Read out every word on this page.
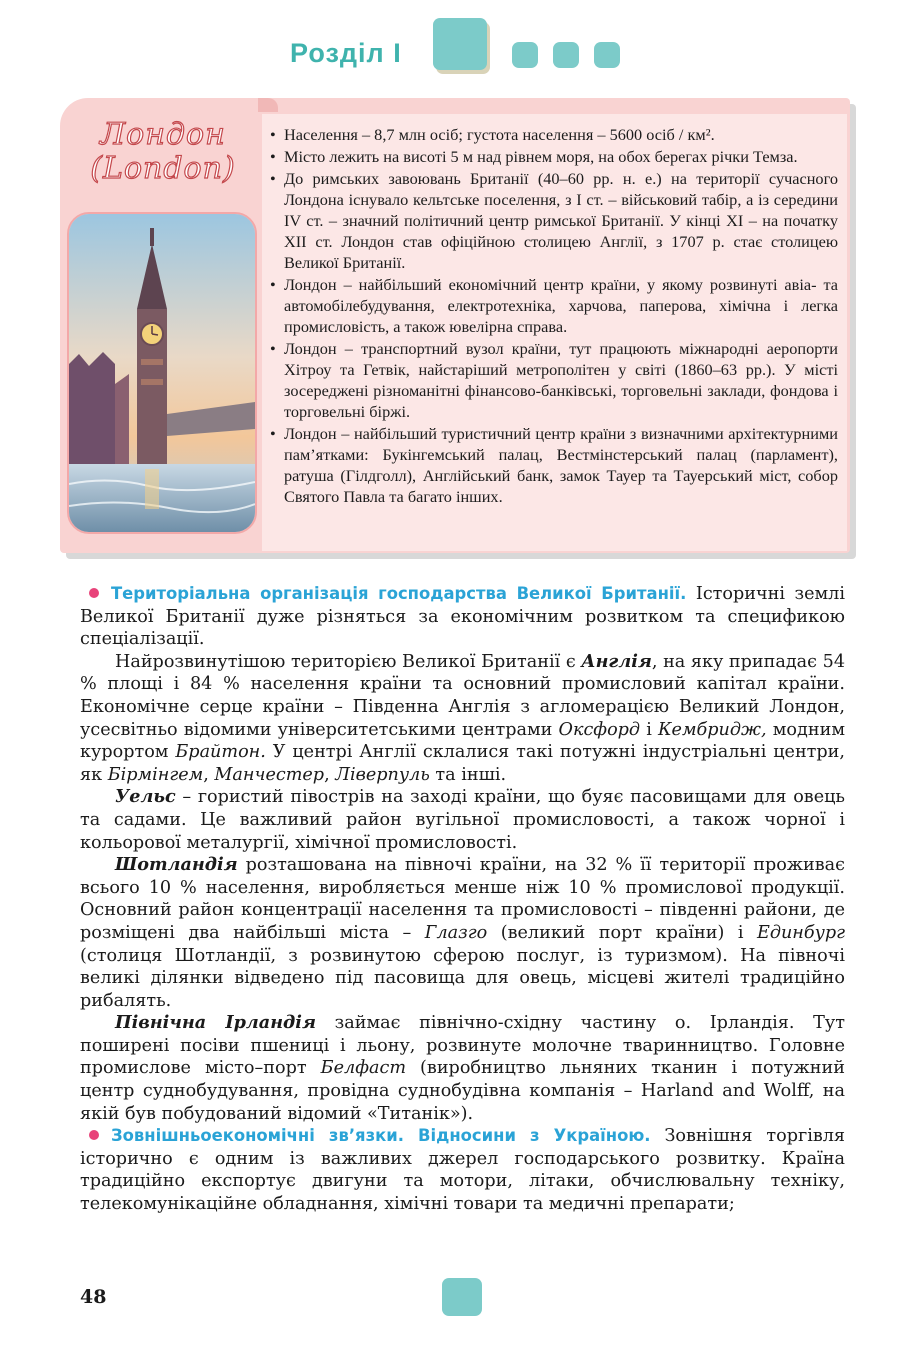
Розділ І
Лондон
(London)
• Населення – 8,7 млн осіб; густота населення – 5600 осіб / км².
• Місто лежить на висоті 5 м над рівнем моря, на обох берегах річки Темза.
• До римських завоювань Британії (40–60 рр. н. е.) на території сучасного Лондона існувало кельтське поселення, з І ст. – військовий табір, а із середини ІV ст. – значний політичний центр римської Британії. У кінці ХІ – на початку ХІІ ст. Лондон став офіційною столицею Англії, з 1707 р. стає столицею Великої Британії.
• Лондон – найбільший економічний центр країни, у якому розвинуті авіа- та автомобілебудування, електротехніка, харчова, паперова, хімічна і легка промисловість, а також ювелірна справа.
• Лондон – транспортний вузол країни, тут працюють міжнародні аеропорти Хітроу та Гетвік, найстаріший метрополітен у світі (1860–63 рр.). У місті зосереджені різноманітні фінансово-банківські, торговельні заклади, фондова і торговельні біржі.
• Лондон – найбільший туристичний центр країни з визначними архітектурними пам’ятками: Букінгемський палац, Вестмінстерський палац (парламент), ратуша (Гілдголл), Англійський банк, замок Тауер та Тауерський міст, собор Святого Павла та багато інших.

Територіальна організація господарства Великої Британії. Історичні землі Великої Британії дуже різняться за економічним розвитком та спецификою спеціалізації.

Найрозвинутішою територією Великої Британії є Англія, на яку припадає 54 % площі і 84 % населення країни та основний промисловий капітал країни. Економічне серце країни – Південна Англія з агломерацією Великий Лондон, усесвітньо відомими університетськими центрами Оксфорд і Кембридж, модним курортом Брайтон. У центрі Англії склалися такі потужні індустріальні центри, як Бірмінгем, Манчестер, Ліверпуль та інші.

Уельс – гористий півострів на заході країни, що буяє пасовищами для овець та садами. Це важливий район вугільної промисловості, а також чорної і кольорової металургії, хімічної промисловості.

Шотландія розташована на півночі країни, на 32 % її території проживає всього 10 % населення, виробляється менше ніж 10 % промислової продукції. Основний район концентрації населення та промисловості – південні райони, де розміщені два найбільші міста – Глазго (великий порт країни) і Единбург (столиця Шотландії, з розвинутою сферою послуг, із туризмом). На півночі великі ділянки відведено під пасовища для овець, місцеві жителі традиційно рибалять.

Північна Ірландія займає північно-східну частину о. Ірландія. Тут поширені посіви пшениці і льону, розвинуте молочне тваринництво. Головне промислове місто–порт Белфаст (виробництво льняних тканин і потужний центр суднобудування, провідна суднобудівна компанія – Harland and Wolff, на якій був побудований відомий «Титанік»).

Зовнішньоекономічні зв’язки. Відносини з Україною. Зовнішня торгівля історично є одним із важливих джерел господарського розвитку. Країна традиційно експортує двигуни та мотори, літаки, обчислювальну техніку, телекомунікаційне обладнання, хімічні товари та медичні препарати;

48
